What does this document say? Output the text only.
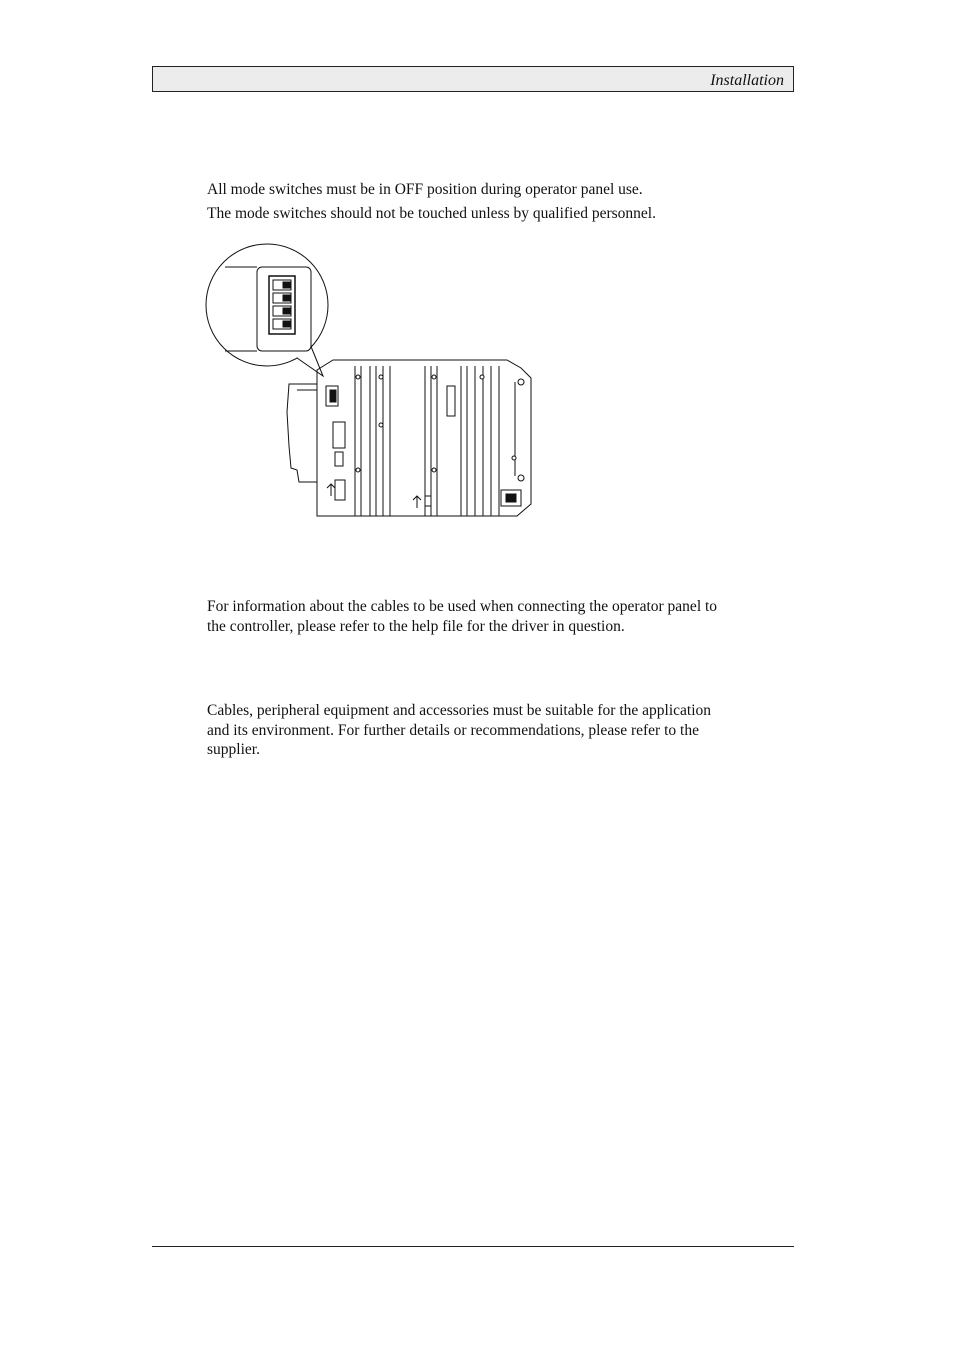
Installation

All mode switches must be in OFF position during operator panel use.
The mode switches should not be touched unless by qualified personnel.

For information about the cables to be used when connecting the operator panel to
the controller, please refer to the help file for the driver in question.

Cables, peripheral equipment and accessories must be suitable for the application
and its environment. For further details or recommendations, please refer to the
supplier.
